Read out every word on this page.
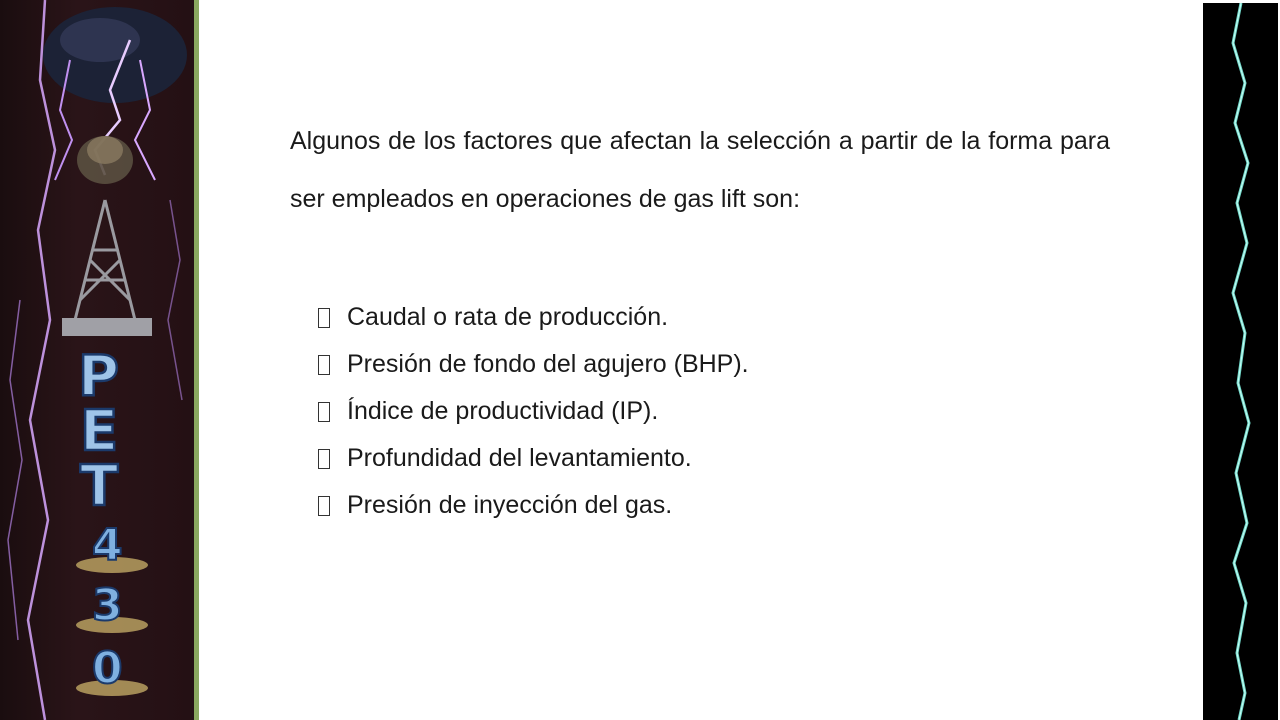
P
E
T
4
3
0

Algunos de los factores que afectan la selección a partir de la forma para ser empleados en operaciones de gas lift son:

Caudal o rata de producción.
Presión de fondo del agujero (BHP).
Índice de productividad (IP).
Profundidad del levantamiento.
Presión de inyección del gas.
